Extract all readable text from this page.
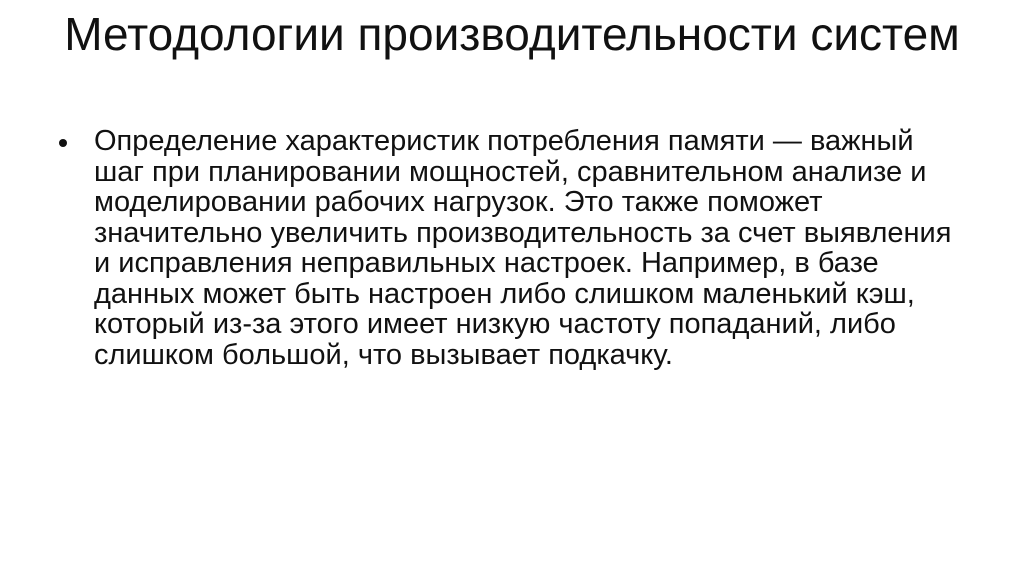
Методологии производительности систем
Определение характеристик потребления памяти — важный шаг при планировании мощностей, сравнительном анализе и моделировании рабочих нагрузок. Это также поможет значительно увеличить производительность за счет выявления и исправления неправильных настроек. Например, в базе данных может быть настроен либо слишком маленький кэш, который из-за этого имеет низкую частоту попаданий, либо слишком большой, что вызывает подкачку.
